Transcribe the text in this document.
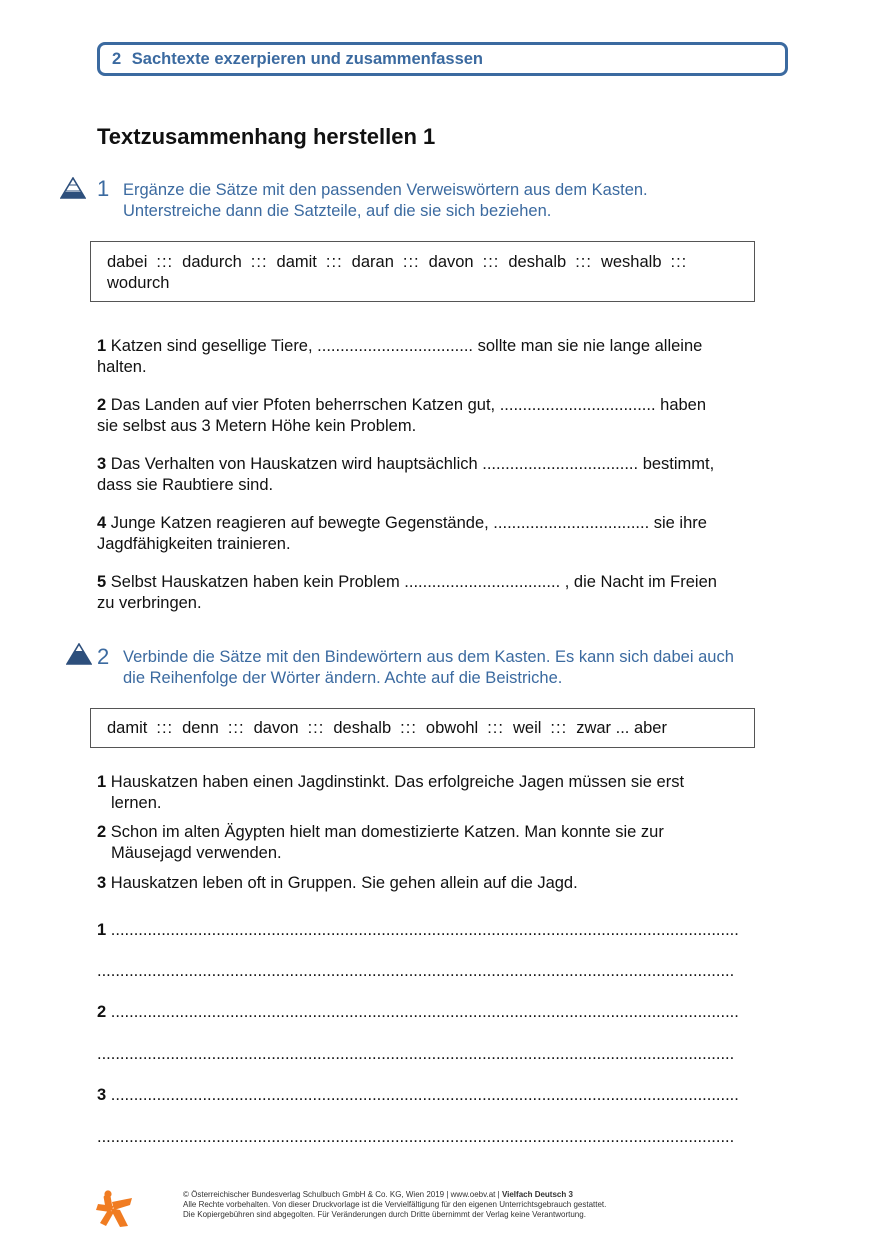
2 Sachtexte exzerpieren und zusammenfassen
Textzusammenhang herstellen 1
1 Ergänze die Sätze mit den passenden Verweiswörtern aus dem Kasten.
Unterstreiche dann die Satzteile, auf die sie sich beziehen.
dabei ::: dadurch ::: damit ::: daran ::: davon ::: deshalb ::: weshalb :::
wodurch
1 Katzen sind gesellige Tiere, .................................. sollte man sie nie lange alleine
halten.
2 Das Landen auf vier Pfoten beherrschen Katzen gut, .................................. haben
sie selbst aus 3 Metern Höhe kein Problem.
3 Das Verhalten von Hauskatzen wird hauptsächlich .................................. bestimmt,
dass sie Raubtiere sind.
4 Junge Katzen reagieren auf bewegte Gegenstände, .................................. sie ihre
Jagdfähigkeiten trainieren.
5 Selbst Hauskatzen haben kein Problem .................................. , die Nacht im Freien
zu verbringen.
2 Verbinde die Sätze mit den Bindewörtern aus dem Kasten. Es kann sich dabei auch
die Reihenfolge der Wörter ändern. Achte auf die Beistriche.
damit ::: denn ::: davon ::: deshalb ::: obwohl ::: weil ::: zwar ... aber
1 Hauskatzen haben einen Jagdinstinkt. Das erfolgreiche Jagen müssen sie erst
lernen.
2 Schon im alten Ägypten hielt man domestizierte Katzen. Man konnte sie zur
Mäusejagd verwenden.
3 Hauskatzen leben oft in Gruppen. Sie gehen allein auf die Jagd.
1 .........................................................................................................................................
...........................................................................................................................................
2 .........................................................................................................................................
...........................................................................................................................................
3 .........................................................................................................................................
...........................................................................................................................................
© Österreichischer Bundesverlag Schulbuch GmbH & Co. KG, Wien 2019 | www.oebv.at | Vielfach Deutsch 3
Alle Rechte vorbehalten. Von dieser Druckvorlage ist die Vervielfältigung für den eigenen Unterrichtsgebrauch gestattet.
Die Kopiergebühren sind abgegolten. Für Veränderungen durch Dritte übernimmt der Verlag keine Verantwortung.
